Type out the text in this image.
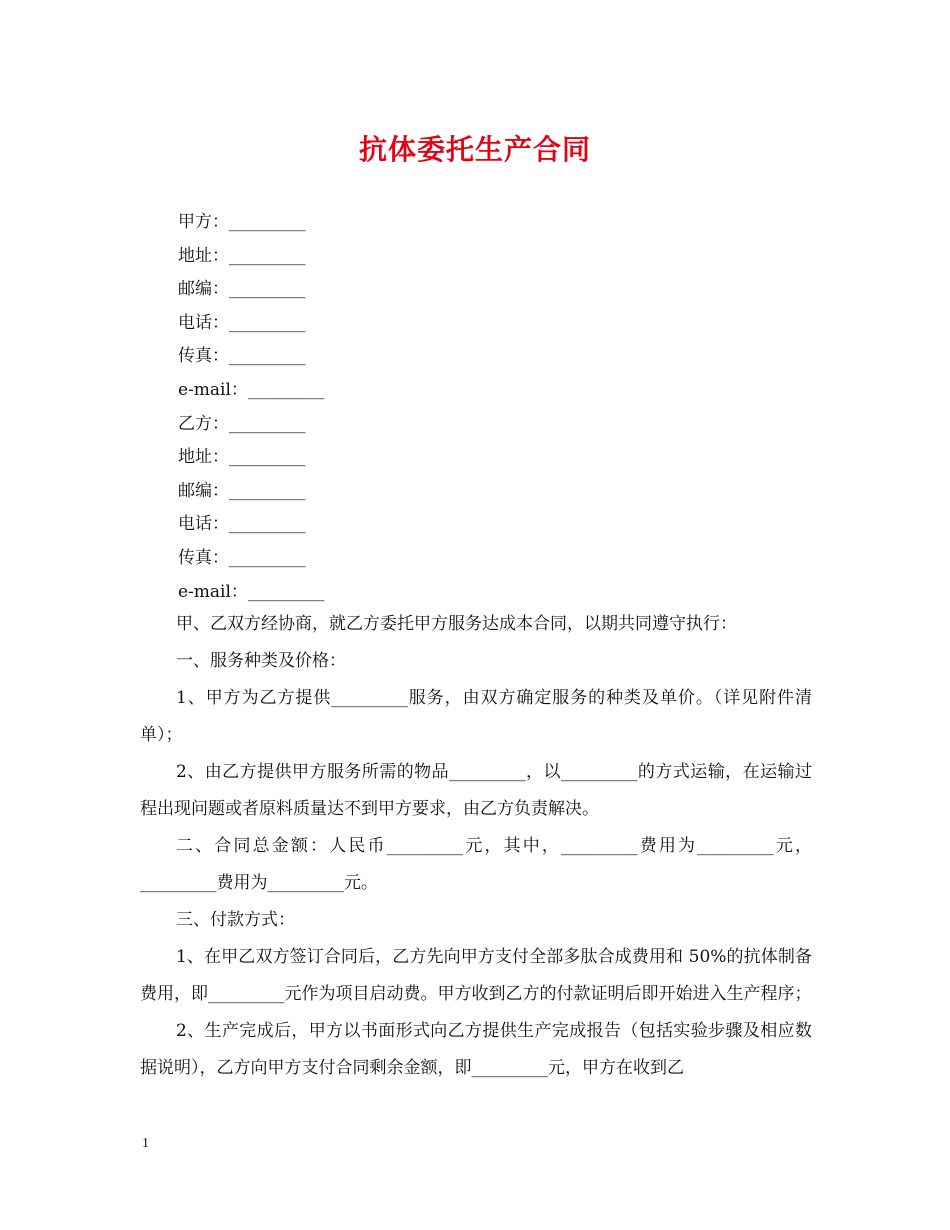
抗体委托生产合同
甲方：_________
地址：_________
邮编：_________
电话：_________
传真：_________
e-mail：_________
乙方：_________
地址：_________
邮编：_________
电话：_________
传真：_________
e-mail：_________

甲、乙双方经协商，就乙方委托甲方服务达成本合同，以期共同遵守执行：

一、服务种类及价格：

1、甲方为乙方提供_________服务，由双方确定服务的种类及单价。（详见附件清单）；

2、由乙方提供甲方服务所需的物品_________，以_________的方式运输，在运输过程出现问题或者原料质量达不到甲方要求，由乙方负责解决。

二、合同总金额：人民币_________元，其中，_________费用为_________元，_________费用为_________元。

三、付款方式：

1、在甲乙双方签订合同后，乙方先向甲方支付全部多肽合成费用和 50%的抗体制备费用，即_________元作为项目启动费。甲方收到乙方的付款证明后即开始进入生产程序；

2、生产完成后，甲方以书面形式向乙方提供生产完成报告（包括实验步骤及相应数据说明），乙方向甲方支付合同剩余金额，即_________元，甲方在收到乙

1
